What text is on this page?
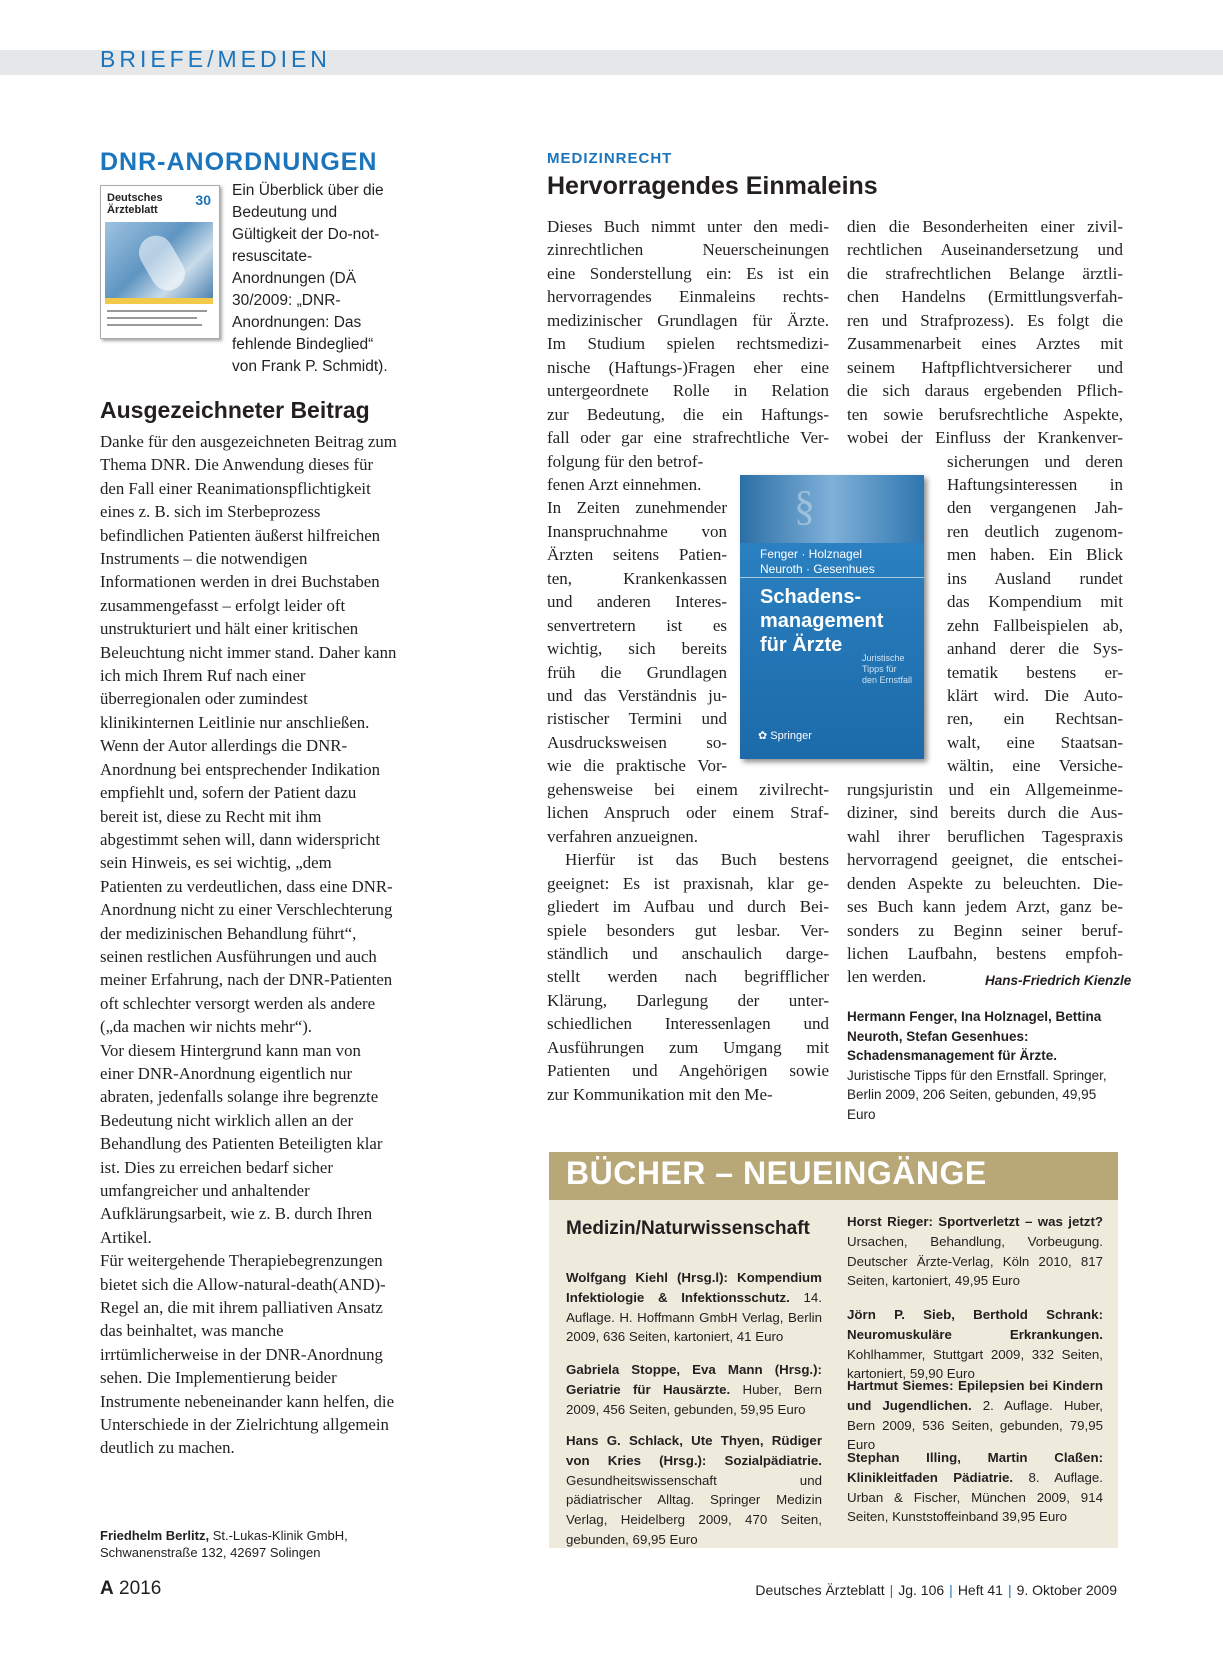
BRIEFE/MEDIEN
DNR-ANORDNUNGEN
Deutsches
Ärzteblatt
30
Ein Überblick über die Bedeutung und Gültigkeit der Do-not-resuscitate-Anordnungen (DÄ 30/2009: „DNR-Anordnungen: Das fehlende Bindeglied“ von Frank P. Schmidt).
Ausgezeichneter Beitrag

Danke für den ausgezeichneten Beitrag zum Thema DNR. Die Anwendung dieses für den Fall einer Reanimationspflichtigkeit eines z. B. sich im Sterbeprozess befindlichen Patienten äußerst hilfreichen Instruments – die notwendigen Informationen werden in drei Buchstaben zusammengefasst – erfolgt leider oft unstrukturiert und hält einer kritischen Beleuchtung nicht immer stand. Daher kann ich mich Ihrem Ruf nach einer überregionalen oder zumindest klinikinternen Leitlinie nur anschließen.

Wenn der Autor allerdings die DNR-Anordnung bei entsprechender Indikation empfiehlt und, sofern der Patient dazu bereit ist, diese zu Recht mit ihm abgestimmt sehen will, dann widerspricht sein Hinweis, es sei wichtig, „dem Patienten zu verdeutlichen, dass eine DNR-Anordnung nicht zu einer Verschlechterung der medizinischen Behandlung führt“, seinen restlichen Ausführungen und auch meiner Erfahrung, nach der DNR-Patienten oft schlechter versorgt werden als andere („da machen wir nichts mehr“).

Vor diesem Hintergrund kann man von einer DNR-Anordnung eigentlich nur abraten, jedenfalls solange ihre begrenzte Bedeutung nicht wirklich allen an der Behandlung des Patienten Beteiligten klar ist. Dies zu erreichen bedarf sicher umfangreicher und anhaltender Aufklärungsarbeit, wie z. B. durch Ihren Artikel.

Für weitergehende Therapiebegrenzungen bietet sich die Allow-natural-death(AND)-Regel an, die mit ihrem palliativen Ansatz das beinhaltet, was manche irrtümlicherweise in der DNR-Anordnung sehen. Die Implementierung beider Instrumente nebeneinander kann helfen, die Unterschiede in der Zielrichtung allgemein deutlich zu machen.

Friedhelm Berlitz, St.-Lukas-Klinik GmbH,
Schwanenstraße 132, 42697 Solingen
MEDIZINRECHT
Hervorragendes Einmaleins
Dieses Buch nimmt unter den medi-
zinrechtlichen Neuerscheinungen
eine Sonderstellung ein: Es ist ein
hervorragendes Einmaleins rechts-
medizinischer Grundlagen für Ärzte.
Im Studium spielen rechtsmedizi-
nische (Haftungs-)Fragen eher eine
untergeordnete Rolle in Relation
zur Bedeutung, die ein Haftungs-
fall oder gar eine strafrechtliche Ver-
folgung für den betrof-
fenen Arzt einnehmen.
In Zeiten zunehmender
Inanspruchnahme von
Ärzten seitens Patien-
ten, Krankenkassen
und anderen Interes-
senvertretern ist es
wichtig, sich bereits
früh die Grundlagen
und das Verständnis ju-
ristischer Termini und
Ausdrucksweisen so-
wie die praktische Vor-
gehensweise bei einem zivilrecht-
lichen Anspruch oder einem Straf-
verfahren anzueignen.
Hierfür ist das Buch bestens
geeignet: Es ist praxisnah, klar ge-
gliedert im Aufbau und durch Bei-
spiele besonders gut lesbar. Ver-
ständlich und anschaulich darge-
stellt werden nach begrifflicher
Klärung, Darlegung der unter-
schiedlichen Interessenlagen und
Ausführungen zum Umgang mit
Patienten und Angehörigen sowie
zur Kommunikation mit den Me-
dien die Besonderheiten einer zivil-
rechtlichen Auseinandersetzung und
die strafrechtlichen Belange ärztli-
chen Handelns (Ermittlungsverfah-
ren und Strafprozess). Es folgt die
Zusammenarbeit eines Arztes mit
seinem Haftpflichtversicherer und
die sich daraus ergebenden Pflich-
ten sowie berufsrechtliche Aspekte,
wobei der Einfluss der Krankenver-
sicherungen und deren
Haftungsinteressen in
den vergangenen Jah-
ren deutlich zugenom-
men haben. Ein Blick
ins Ausland rundet
das Kompendium mit
zehn Fallbeispielen ab,
anhand derer die Sys-
tematik bestens er-
klärt wird. Die Auto-
ren, ein Rechtsan-
walt, eine Staatsan-
wältin, eine Versiche-
rungsjuristin und ein Allgemeinme-
diziner, sind bereits durch die Aus-
wahl ihrer beruflichen Tagespraxis
hervorragend geeignet, die entschei-
denden Aspekte zu beleuchten. Die-
ses Buch kann jedem Arzt, ganz be-
sonders zu Beginn seiner beruf-
lichen Laufbahn, bestens empfoh-
len werden.
§
Fenger · Holznagel
Neuroth · Gesenhues
Schadens-
management
für Ärzte
Juristische
Tipps für
den Ernstfall
✿ Springer
Hans-Friedrich Kienzle
Hermann Fenger, Ina Holznagel, Bettina Neuroth, Stefan Gesenhues: Schadensmanagement für Ärzte. Juristische Tipps für den Ernstfall. Springer, Berlin 2009, 206 Seiten, gebunden, 49,95 Euro
BÜCHER – NEUEINGÄNGE
Medizin/Naturwissenschaft
Wolfgang Kiehl (Hrsg.l): Kompendium Infektiologie & Infektionsschutz. 14. Auflage. H. Hoffmann GmbH Verlag, Berlin 2009, 636 Seiten, kartoniert, 41 Euro
Gabriela Stoppe, Eva Mann (Hrsg.): Geriatrie für Hausärzte. Huber, Bern 2009, 456 Seiten, gebunden, 59,95 Euro
Hans G. Schlack, Ute Thyen, Rüdiger von Kries (Hrsg.): Sozialpädiatrie. Gesundheitswissenschaft und pädiatrischer Alltag. Springer Medizin Verlag, Heidelberg 2009, 470 Seiten, gebunden, 69,95 Euro
Horst Rieger: Sportverletzt – was jetzt? Ursachen, Behandlung, Vorbeugung. Deutscher Ärzte-Verlag, Köln 2010, 817 Seiten, kartoniert, 49,95 Euro
Jörn P. Sieb, Berthold Schrank: Neuromuskuläre Erkrankungen. Kohlhammer, Stuttgart 2009, 332 Seiten, kartoniert, 59,90 Euro
Hartmut Siemes: Epilepsien bei Kindern und Jugendlichen. 2. Auflage. Huber, Bern 2009, 536 Seiten, gebunden, 79,95 Euro
Stephan Illing, Martin Claßen: Klinikleitfaden Pädiatrie. 8. Auflage. Urban & Fischer, München 2009, 914 Seiten, Kunststoffeinband 39,95 Euro
A 2016	Deutsches Ärzteblatt | Jg. 106 | Heft 41 | 9. Oktober 2009
